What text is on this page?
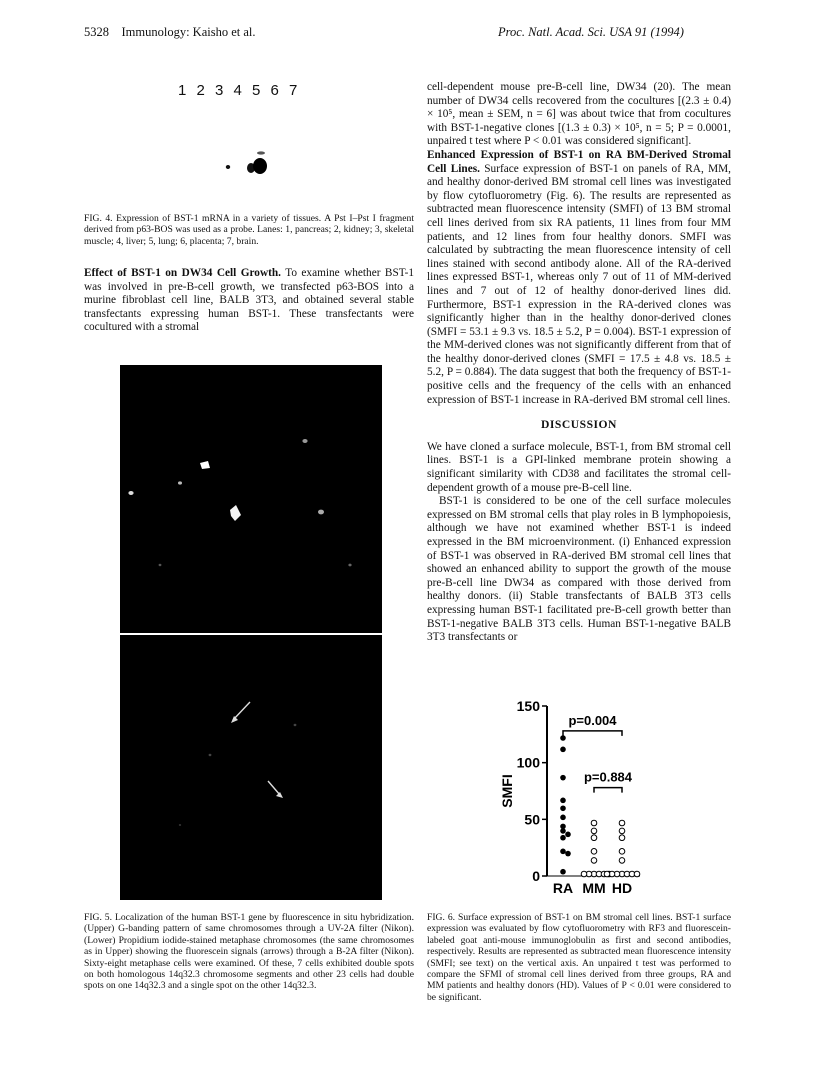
5328    Immunology: Kaisho et al.	Proc. Natl. Acad. Sci. USA 91 (1994)
1 2 3 4 5 6 7
FIG. 4. Expression of BST-1 mRNA in a variety of tissues. A Pst I–Pst I fragment derived from p63-BOS was used as a probe. Lanes: 1, pancreas; 2, kidney; 3, skeletal muscle; 4, liver; 5, lung; 6, placenta; 7, brain.

Effect of BST-1 on DW34 Cell Growth. To examine whether BST-1 was involved in pre-B-cell growth, we transfected p63-BOS into a murine fibroblast cell line, BALB 3T3, and obtained several stable transfectants expressing human BST-1. These transfectants were cocultured with a stromal

FIG. 5. Localization of the human BST-1 gene by fluorescence in situ hybridization. (Upper) G-banding pattern of same chromosomes through a UV-2A filter (Nikon). (Lower) Propidium iodide-stained metaphase chromosomes (the same chromosomes as in Upper) showing the fluorescein signals (arrows) through a B-2A filter (Nikon). Sixty-eight metaphase cells were examined. Of these, 7 cells exhibited double spots on both homologous 14q32.3 chromosome segments and other 23 cells had double spots on one 14q32.3 and a single spot on the other 14q32.3.

cell-dependent mouse pre-B-cell line, DW34 (20). The mean number of DW34 cells recovered from the cocultures [(2.3 ± 0.4) × 10⁵, mean ± SEM, n = 6] was about twice that from cocultures with BST-1-negative clones [(1.3 ± 0.3) × 10⁵, n = 5; P = 0.0001, unpaired t test where P < 0.01 was considered significant].

Enhanced Expression of BST-1 on RA BM-Derived Stromal Cell Lines. Surface expression of BST-1 on panels of RA, MM, and healthy donor-derived BM stromal cell lines was investigated by flow cytofluorometry (Fig. 6). The results are represented as subtracted mean fluorescence intensity (SMFI) of 13 BM stromal cell lines derived from six RA patients, 11 lines from four MM patients, and 12 lines from four healthy donors. SMFI was calculated by subtracting the mean fluorescence intensity of cell lines stained with second antibody alone. All of the RA-derived lines expressed BST-1, whereas only 7 out of 11 of MM-derived lines and 7 out of 12 of healthy donor-derived lines did. Furthermore, BST-1 expression in the RA-derived clones was significantly higher than in the healthy donor-derived clones (SMFI = 53.1 ± 9.3 vs. 18.5 ± 5.2, P = 0.004). BST-1 expression of the MM-derived clones was not significantly different from that of the healthy donor-derived clones (SMFI = 17.5 ± 4.8 vs. 18.5 ± 5.2, P = 0.884). The data suggest that both the frequency of BST-1-positive cells and the frequency of the cells with an enhanced expression of BST-1 increase in RA-derived BM stromal cell lines.

DISCUSSION

We have cloned a surface molecule, BST-1, from BM stromal cell lines. BST-1 is a GPI-linked membrane protein showing a significant similarity with CD38 and facilitates the stromal cell-dependent growth of a mouse pre-B-cell line.

BST-1 is considered to be one of the cell surface molecules expressed on BM stromal cells that play roles in B lymphopoiesis, although we have not examined whether BST-1 is indeed expressed in the BM microenvironment. (i) Enhanced expression of BST-1 was observed in RA-derived BM stromal cell lines that showed an enhanced ability to support the growth of the mouse pre-B-cell line DW34 as compared with those derived from healthy donors. (ii) Stable transfectants of BALB 3T3 cells expressing human BST-1 facilitated pre-B-cell growth better than BST-1-negative BALB 3T3 cells. Human BST-1-negative BALB 3T3 transfectants or

0
50
100
150
SMFI
RA MM HD
p=0.004
p=0.884
FIG. 6. Surface expression of BST-1 on BM stromal cell lines. BST-1 surface expression was evaluated by flow cytofluorometry with RF3 and fluorescein-labeled goat anti-mouse immunoglobulin as first and second antibodies, respectively. Results are represented as subtracted mean fluorescence intensity (SMFI; see text) on the vertical axis. An unpaired t test was performed to compare the SFMI of stromal cell lines derived from three groups, RA and MM patients and healthy donors (HD). Values of P < 0.01 were considered to be significant.
